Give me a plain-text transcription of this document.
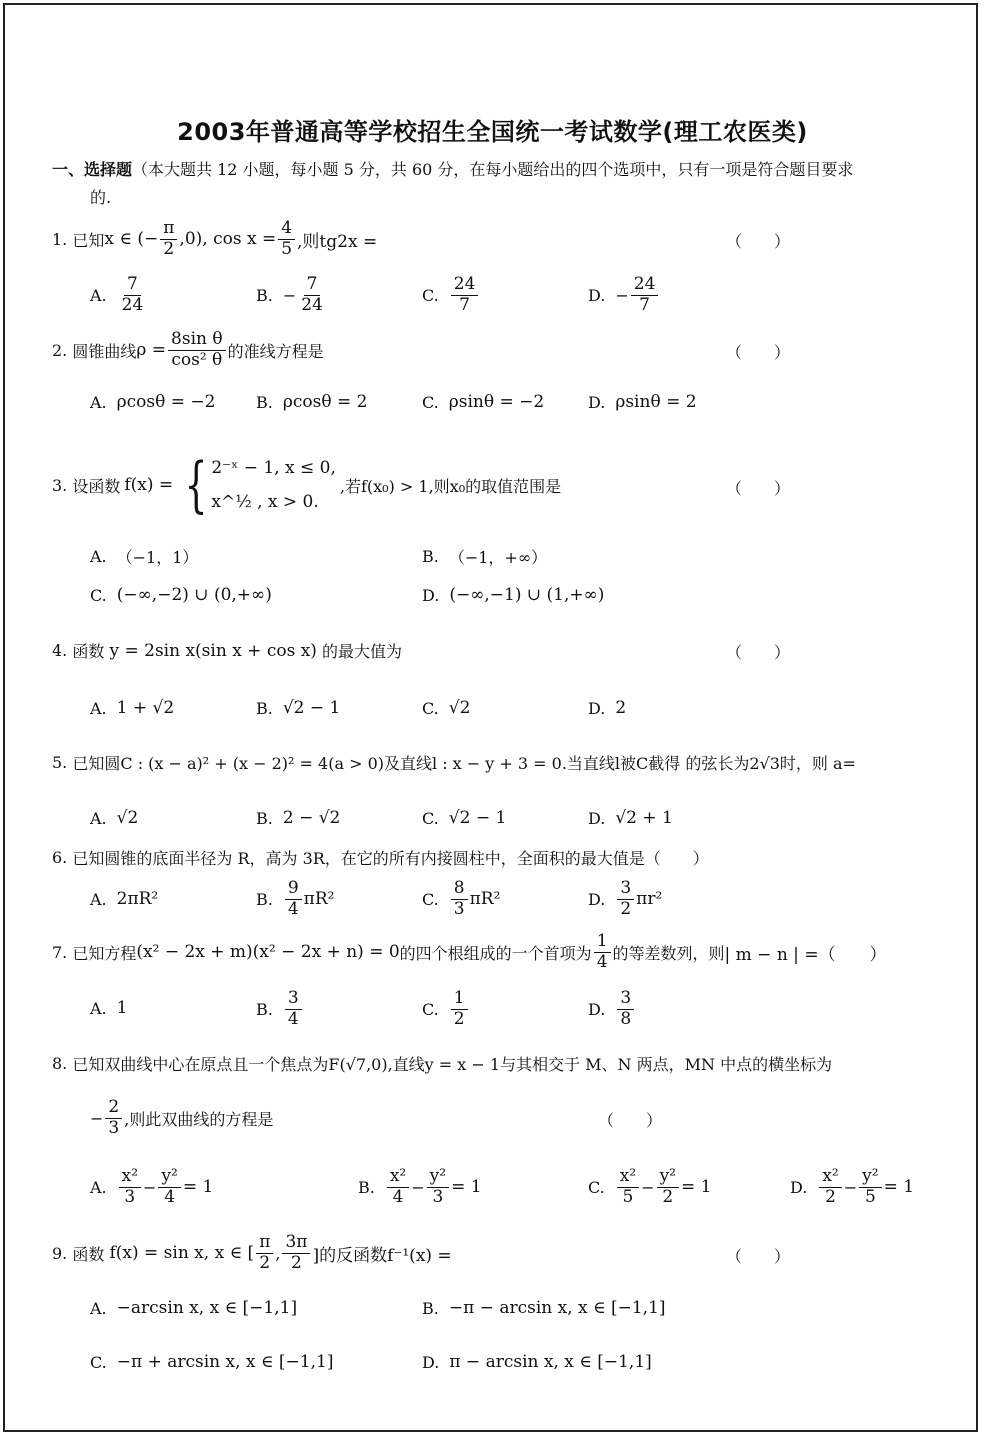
2003年普通高等学校招生全国统一考试数学(理工农医类)
一、选择题（本大题共 12 小题，每小题 5 分，共 60 分，在每小题给出的四个选项中，只有一项是符合题目要求
的.
1.
已知 x ∈ (− $\frac{\pi}{2} ,0$), $\cos x = \frac{4}{5}$ ,则tg2x =	（　　）
A. $\frac{7}{24}$	B. − $\frac{7}{24}$	C. $\frac{24}{7}$	D. − $\frac{24}{7}$
2.
圆锥曲线 $\rho = \frac{\text{8sin θ}}{\text{cos² θ}}$ 的准线方程是	（　　）
A. ρcosθ = −2	B. ρcosθ = 2	C. ρsinθ = −2	D. ρsinθ = 2
3.
设函数 f(x) = { 2⁻ˣ − 1, x ≤ 0,
x^½ , x > 0.
,若f(x₀) > 1,则x₀的取值范围是	（　　）
A. （−1，1）	B. （−1，+∞）
C. (−∞,−2) ∪ (0,+∞)	D. (−∞,−1) ∪ (1,+∞)
4.
函数
y = 2sin x(sin x + cos x)
的最大值为	（　　）
A. 1 + √2	B. √2 − 1	C. √2	D. 2
5.
已知圆C : (x − a)² + (x − 2)² = 4(a > 0)及直线l : x − y + 3 = 0.当直线l被C截得 的弦长为2√3时，则 a=
A. √2	B. 2 − √2	C. √2 − 1	D. √2 + 1
6.
已知圆锥的底面半径为 R，高为 3R，在它的所有内接圆柱中，全面积的最大值是（　　）
A. 2πR²	B. $\frac{9}{4} \pi R^2$	C. $\frac{8}{3} \pi R^2$	D. $\frac{3}{2} \pi r^2$
7.
已知方程 (x² − 2x + m)(x² − 2x + n) = 0 的四个根组成的一个首项为 $\frac{1}{4}$ 的等差数列，则 | m − n | =（　　）
A. 1	B. $\frac{3}{4}$	C. $\frac{1}{2}$	D. $\frac{3}{8}$
8.
已知双曲线中心在原点且一个焦点为F(√7,0),直线y = x − 1与其相交于 M、N 两点，MN 中点的横坐标为
− $\frac{2}{3}$ ,则此双曲线的方程是	（　　）
A. $\frac{\text{x²}}{3} - \frac{\text{y²}}{4} = 1$	B. $\frac{\text{x²}}{4} - \frac{\text{y²}}{3} = 1$	C. $\frac{\text{x²}}{5} - \frac{\text{y²}}{2} = 1$	D. $\frac{\text{x²}}{2} - \frac{\text{y²}}{5} = 1$
9.
函数
f(x) = sin x, x ∈ [ $\frac{\pi}{2}$ , $\frac{3\pi}{2}$ ]的反函数f⁻¹(x) =	（　　）
A. −arcsin x, x ∈ [−1,1]	B. −π − arcsin x, x ∈ [−1,1]
C. −π + arcsin x, x ∈ [−1,1]	D. π − arcsin x, x ∈ [−1,1]
